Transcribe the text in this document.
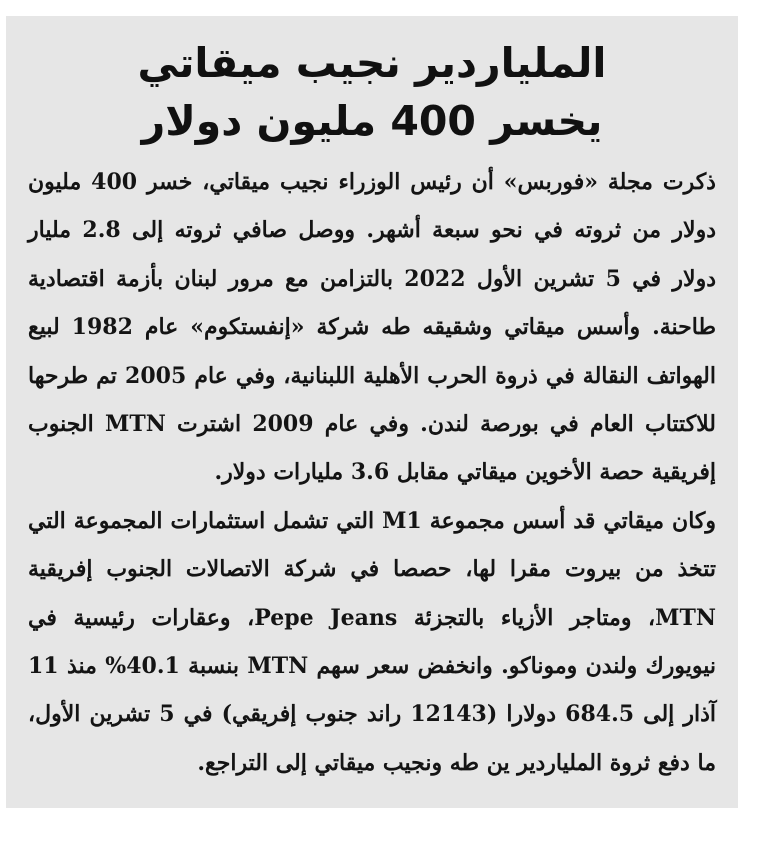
الملياردير نجيب ميقاتي
يخسر 400 مليون دولار

ذكرت مجلة «فوربس» أن رئيس الوزراء نجيب ميقاتي، خسر 400 مليون دولار من ثروته في نحو سبعة أشهر. ووصل صافي ثروته إلى 2.8 مليار دولار في 5 تشرين الأول 2022 بالتزامن مع مرور لبنان بأزمة اقتصادية طاحنة. وأسس ميقاتي وشقيقه طه شركة «إنفستكوم» عام 1982 لبيع الهواتف النقالة في ذروة الحرب الأهلية اللبنانية، وفي عام 2005 تم طرحها للاكتتاب العام في بورصة لندن. وفي عام 2009 اشترت MTN الجنوب إفريقية حصة الأخوين ميقاتي مقابل 3.6 مليارات دولار.

وكان ميقاتي قد أسس مجموعة M1 التي تشمل استثمارات المجموعة التي تتخذ من بيروت مقرا لها، حصصا في شركة الاتصالات الجنوب إفريقية MTN، ومتاجر الأزياء بالتجزئة Pepe Jeans، وعقارات رئيسية في نيويورك ولندن وموناكو. وانخفض سعر سهم MTN بنسبة 40.1% منذ 11 آذار إلى 684.5 دولارا (12143 راند جنوب إفريقي) في 5 تشرين الأول، ما دفع ثروة الملياردير ين طه ونجيب ميقاتي إلى التراجع.
